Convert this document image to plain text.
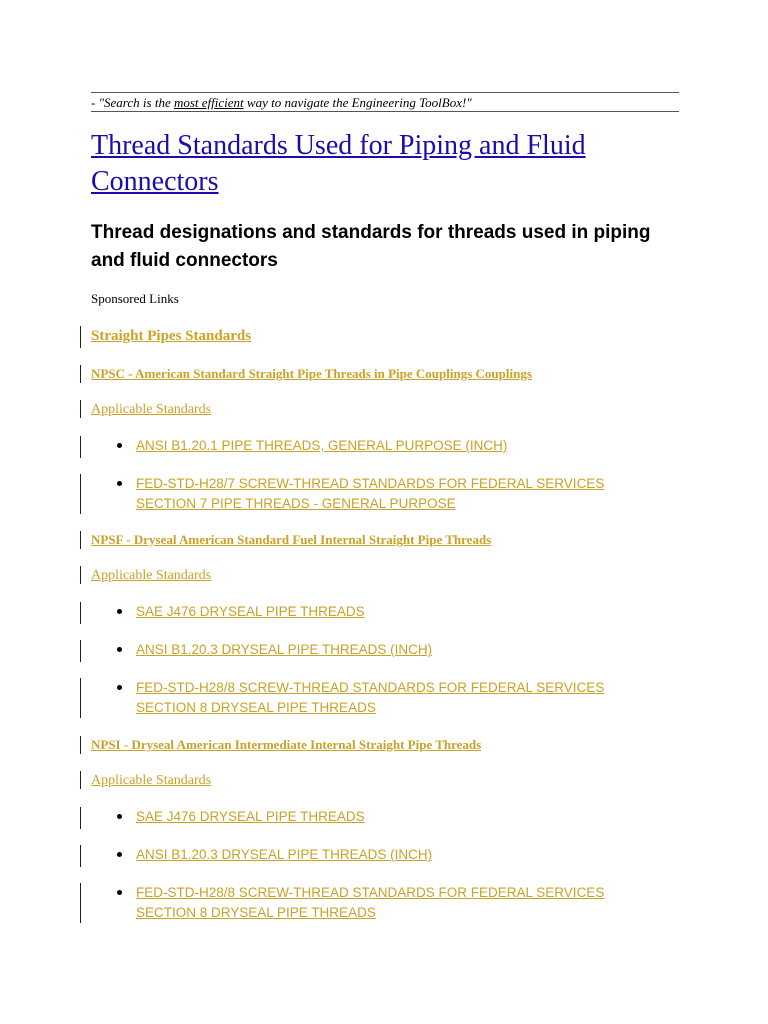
- "Search is the most efficient way to navigate the Engineering ToolBox!"
Thread Standards Used for Piping and Fluid Connectors
Thread designations and standards for threads used in piping and fluid connectors
Sponsored Links
Straight Pipes Standards
NPSC - American Standard Straight Pipe Threads in Pipe Couplings Couplings
Applicable Standards
ANSI B1.20.1 PIPE THREADS, GENERAL PURPOSE (INCH)
FED-STD-H28/7 SCREW-THREAD STANDARDS FOR FEDERAL SERVICES SECTION 7 PIPE THREADS - GENERAL PURPOSE
NPSF - Dryseal American Standard Fuel Internal Straight Pipe Threads
Applicable Standards
SAE J476 DRYSEAL PIPE THREADS
ANSI B1.20.3 DRYSEAL PIPE THREADS (INCH)
FED-STD-H28/8 SCREW-THREAD STANDARDS FOR FEDERAL SERVICES SECTION 8 DRYSEAL PIPE THREADS
NPSI - Dryseal American Intermediate Internal Straight Pipe Threads
Applicable Standards
SAE J476 DRYSEAL PIPE THREADS
ANSI B1.20.3 DRYSEAL PIPE THREADS (INCH)
FED-STD-H28/8 SCREW-THREAD STANDARDS FOR FEDERAL SERVICES SECTION 8 DRYSEAL PIPE THREADS
